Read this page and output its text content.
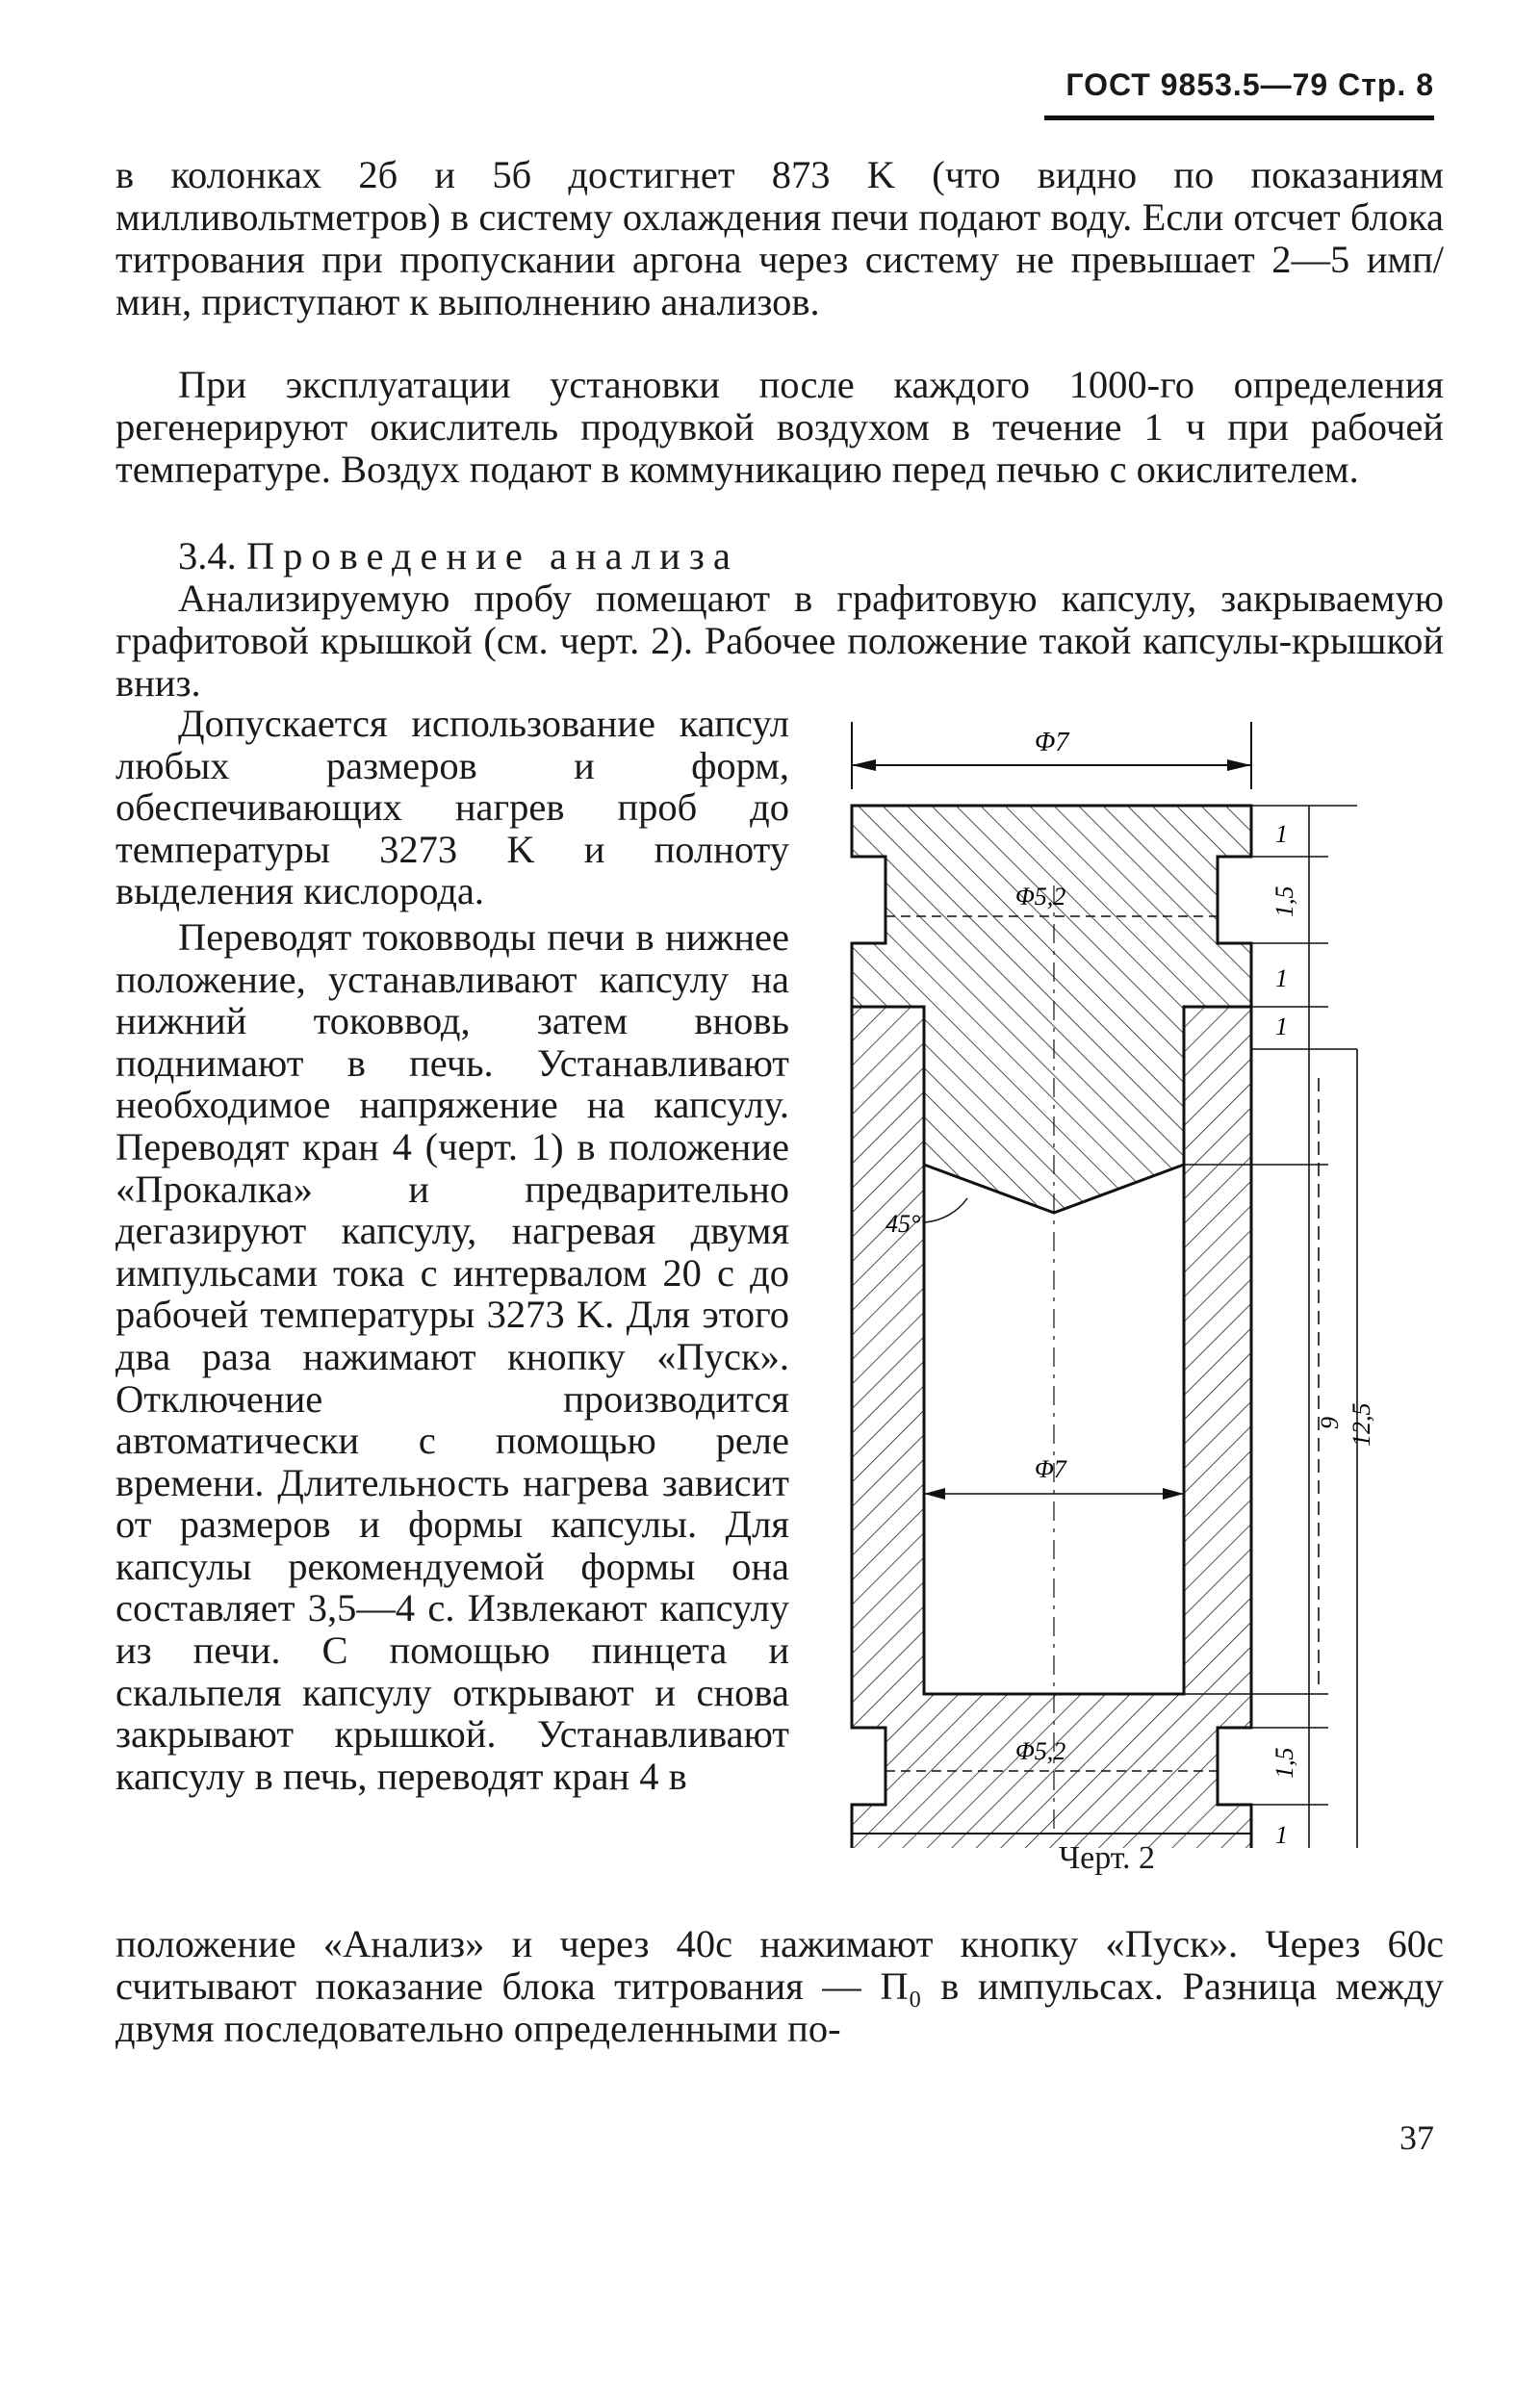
ГОСТ 9853.5—79 Стр. 8

в колонках 2б и 5б достигнет 873 K (что видно по показаниям милливольтметров) в систему охлаждения печи подают воду. Если отсчет блока титрования при пропускании аргона через систему не превышает 2—5 имп/мин, приступают к выполнению анализов.

При эксплуатации установки после каждого 1000-го определения регенерируют окислитель продувкой воздухом в течение 1 ч при рабочей температуре. Воздух подают в коммуникацию перед печью с окислителем.

3.4. Проведение анализа

Анализируемую пробу помещают в графитовую капсулу, закрываемую графитовой крышкой (см. черт. 2). Рабочее положение такой капсулы-крышкой вниз.

Допускается использование капсул любых размеров и форм, обеспечивающих нагрев проб до температуры 3273 K и полноту выделения кислорода.

Переводят токовводы печи в нижнее положение, устанавливают капсулу на нижний токоввод, затем вновь поднимают в печь. Устанавливают необходимое напряжение на капсулу. Переводят кран 4 (черт. 1) в положение «Прокалка» и предварительно дегазируют капсулу, нагревая двумя импульсами тока с интервалом 20 с до рабочей температуры 3273 K. Для этого два раза нажимают кнопку «Пуск». Отключение производится автоматически с помощью реле времени. Длительность нагрева зависит от размеров и формы капсулы. Для капсулы рекомендуемой формы она составляет 3,5—4 с. Извлекают капсулу из печи. С помощью пинцета и скальпеля капсулу открывают и снова закрывают крышкой. Устанавливают капсулу в печь, переводят кран 4 в

положение «Анализ» и через 40с нажимают кнопку «Пуск». Через 60с считывают показание блока титрования — П₀ в импульсах. Разница между двумя последовательно определенными по-

Φ7
Φ5,2
45°
Φ7
Φ5,2
1
1,5
1
1
9 12,5
1,5
1
Черт. 2
37
